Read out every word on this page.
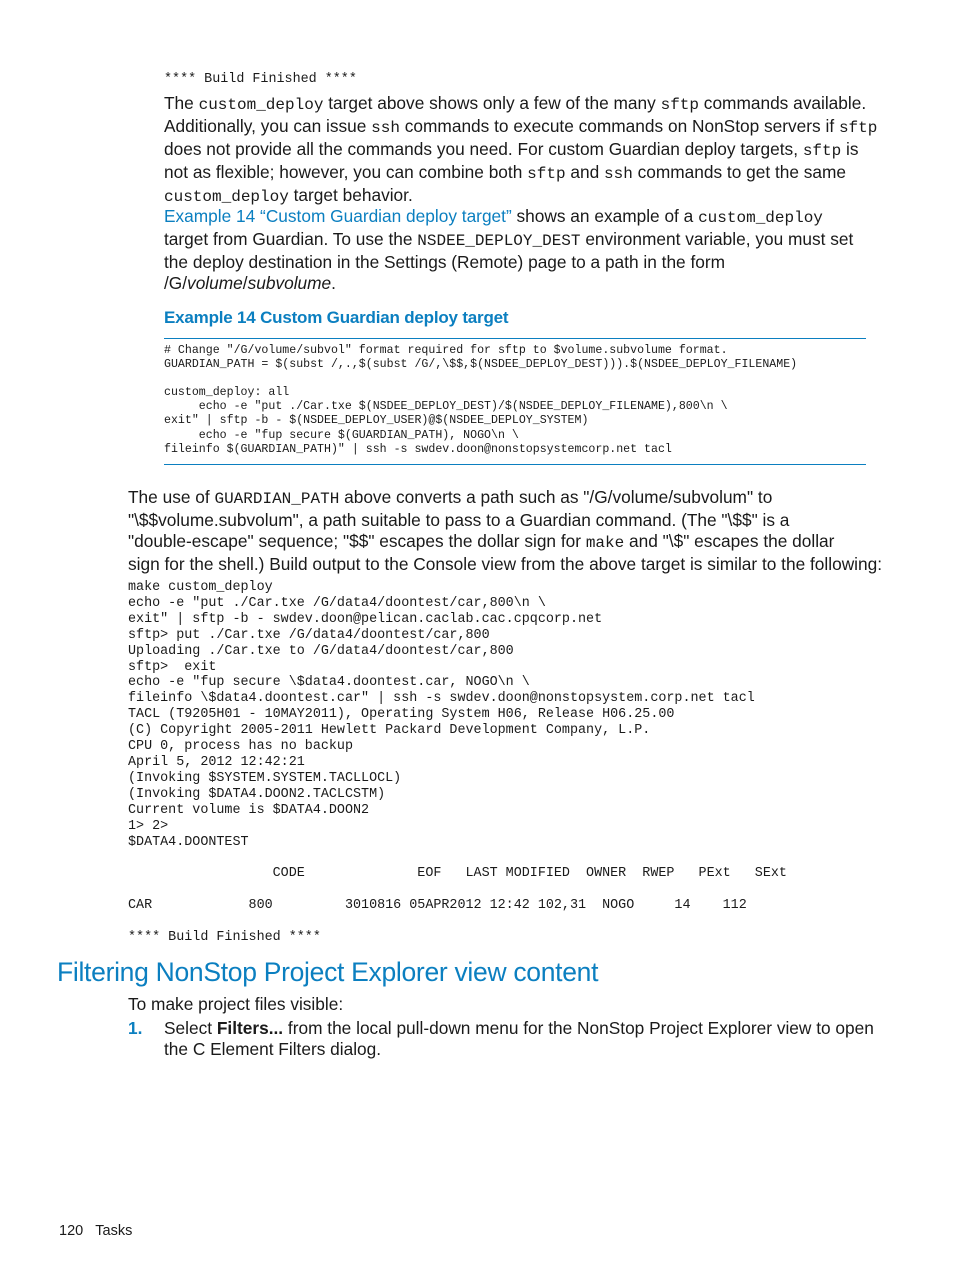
**** Build Finished ****

The custom_deploy target above shows only a few of the many sftp commands available.

Additionally, you can issue ssh commands to execute commands on NonStop servers if sftp

does not provide all the commands you need. For custom Guardian deploy targets, sftp is

not as flexible; however, you can combine both sftp and ssh commands to get the same

custom_deploy target behavior.

Example 14 “Custom Guardian deploy target” shows an example of a custom_deploy

target from Guardian. To use the NSDEE_DEPLOY_DEST environment variable, you must set

the deploy destination in the Settings (Remote) page to a path in the form

/G/volume/subvolume.

Example 14 Custom Guardian deploy target
# Change "/G/volume/subvol" format required for sftp to $volume.subvolume format.
GUARDIAN_PATH = $(subst /,.,$(subst /G/,\$$,$(NSDEE_DEPLOY_DEST))).$(NSDEE_DEPLOY_FILENAME)

custom_deploy: all
echo -e "put ./Car.txe $(NSDEE_DEPLOY_DEST)/$(NSDEE_DEPLOY_FILENAME),800\n \
exit" | sftp -b - $(NSDEE_DEPLOY_USER)@$(NSDEE_DEPLOY_SYSTEM)
echo -e "fup secure $(GUARDIAN_PATH), NOGO\n \
fileinfo $(GUARDIAN_PATH)" | ssh -s swdev.doon@nonstopsystemcorp.net tacl

The use of GUARDIAN_PATH above converts a path such as "/G/volume/subvolum" to

"\$$volume.subvolum", a path suitable to pass to a Guardian command. (The "\$$" is a

"double-escape" sequence; "$$" escapes the dollar sign for make and "\$" escapes the dollar

sign for the shell.) Build output to the Console view from the above target is similar to the following:

make custom_deploy
echo -e "put ./Car.txe /G/data4/doontest/car,800\n \
exit" | sftp -b - swdev.doon@pelican.caclab.cac.cpqcorp.net
sftp> put ./Car.txe /G/data4/doontest/car,800
Uploading ./Car.txe to /G/data4/doontest/car,800
sftp>  exit
echo -e "fup secure \$data4.doontest.car, NOGO\n \
fileinfo \$data4.doontest.car" | ssh -s swdev.doon@nonstopsystem.corp.net tacl
TACL (T9205H01 - 10MAY2011), Operating System H06, Release H06.25.00
(C) Copyright 2005-2011 Hewlett Packard Development Company, L.P.
CPU 0, process has no backup
April 5, 2012 12:42:21
(Invoking $SYSTEM.SYSTEM.TACLLOCL)
(Invoking $DATA4.DOON2.TACLCSTM)
Current volume is $DATA4.DOON2
1> 2>
$DATA4.DOONTEST

CODE              EOF   LAST MODIFIED  OWNER  RWEP   PExt   SExt

CAR            800         3010816 05APR2012 12:42 102,31  NOGO     14    112

**** Build Finished ****
Filtering NonStop Project Explorer view content
To make project files visible:
1. Select Filters... from the local pull-down menu for the NonStop Project Explorer view to open

the C Element Filters dialog.

120 Tasks
